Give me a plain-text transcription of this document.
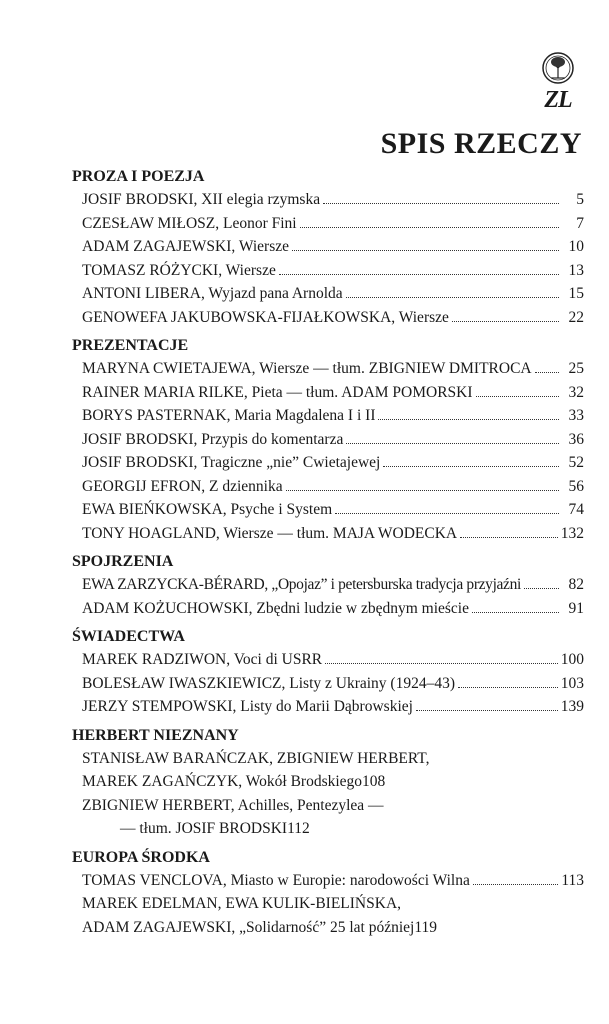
ZL
SPIS RZECZY
PROZA I POEZJA
JOSIF BRODSKI, XII elegia rzymska	5
CZESŁAW MIŁOSZ, Leonor Fini	7
ADAM ZAGAJEWSKI, Wiersze	10
TOMASZ RÓŻYCKI, Wiersze	13
ANTONI LIBERA, Wyjazd pana Arnolda	15
GENOWEFA JAKUBOWSKA-FIJAŁKOWSKA, Wiersze	22
PREZENTACJE
MARYNA CWIETAJEWA, Wiersze — tłum. ZBIGNIEW DMITROCA	25
RAINER MARIA RILKE, Pieta — tłum. ADAM POMORSKI	32
BORYS PASTERNAK, Maria Magdalena I i II	33
JOSIF BRODSKI, Przypis do komentarza	36
JOSIF BRODSKI, Tragiczne „nie” Cwietajewej	52
GEORGIJ EFRON, Z dziennika	56
EWA BIEŃKOWSKA, Psyche i System	74
TONY HOAGLAND, Wiersze — tłum. MAJA WODECKA	132
SPOJRZENIA
EWA ZARZYCKA-BÉRARD, „Opojaz” i petersburska tradycja przyjaźni	82
ADAM KOŻUCHOWSKI, Zbędni ludzie w zbędnym mieście	91
ŚWIADECTWA
MAREK RADZIWON, Voci di USRR	100
BOLESŁAW IWASZKIEWICZ, Listy z Ukrainy (1924–43)	103
JERZY STEMPOWSKI, Listy do Marii Dąbrowskiej	139
HERBERT NIEZNANY
STANISŁAW BARAŃCZAK, ZBIGNIEW HERBERT,
MAREK ZAGAŃCZYK, Wokół Brodskiego 108
ZBIGNIEW HERBERT, Achilles, Pentezylea —
— tłum. JOSIF BRODSKI 112
EUROPA ŚRODKA
TOMAS VENCLOVA, Miasto w Europie: narodowości Wilna	113
MAREK EDELMAN, EWA KULIK-BIELIŃSKA,
ADAM ZAGAJEWSKI, „Solidarność” 25 lat później 119
